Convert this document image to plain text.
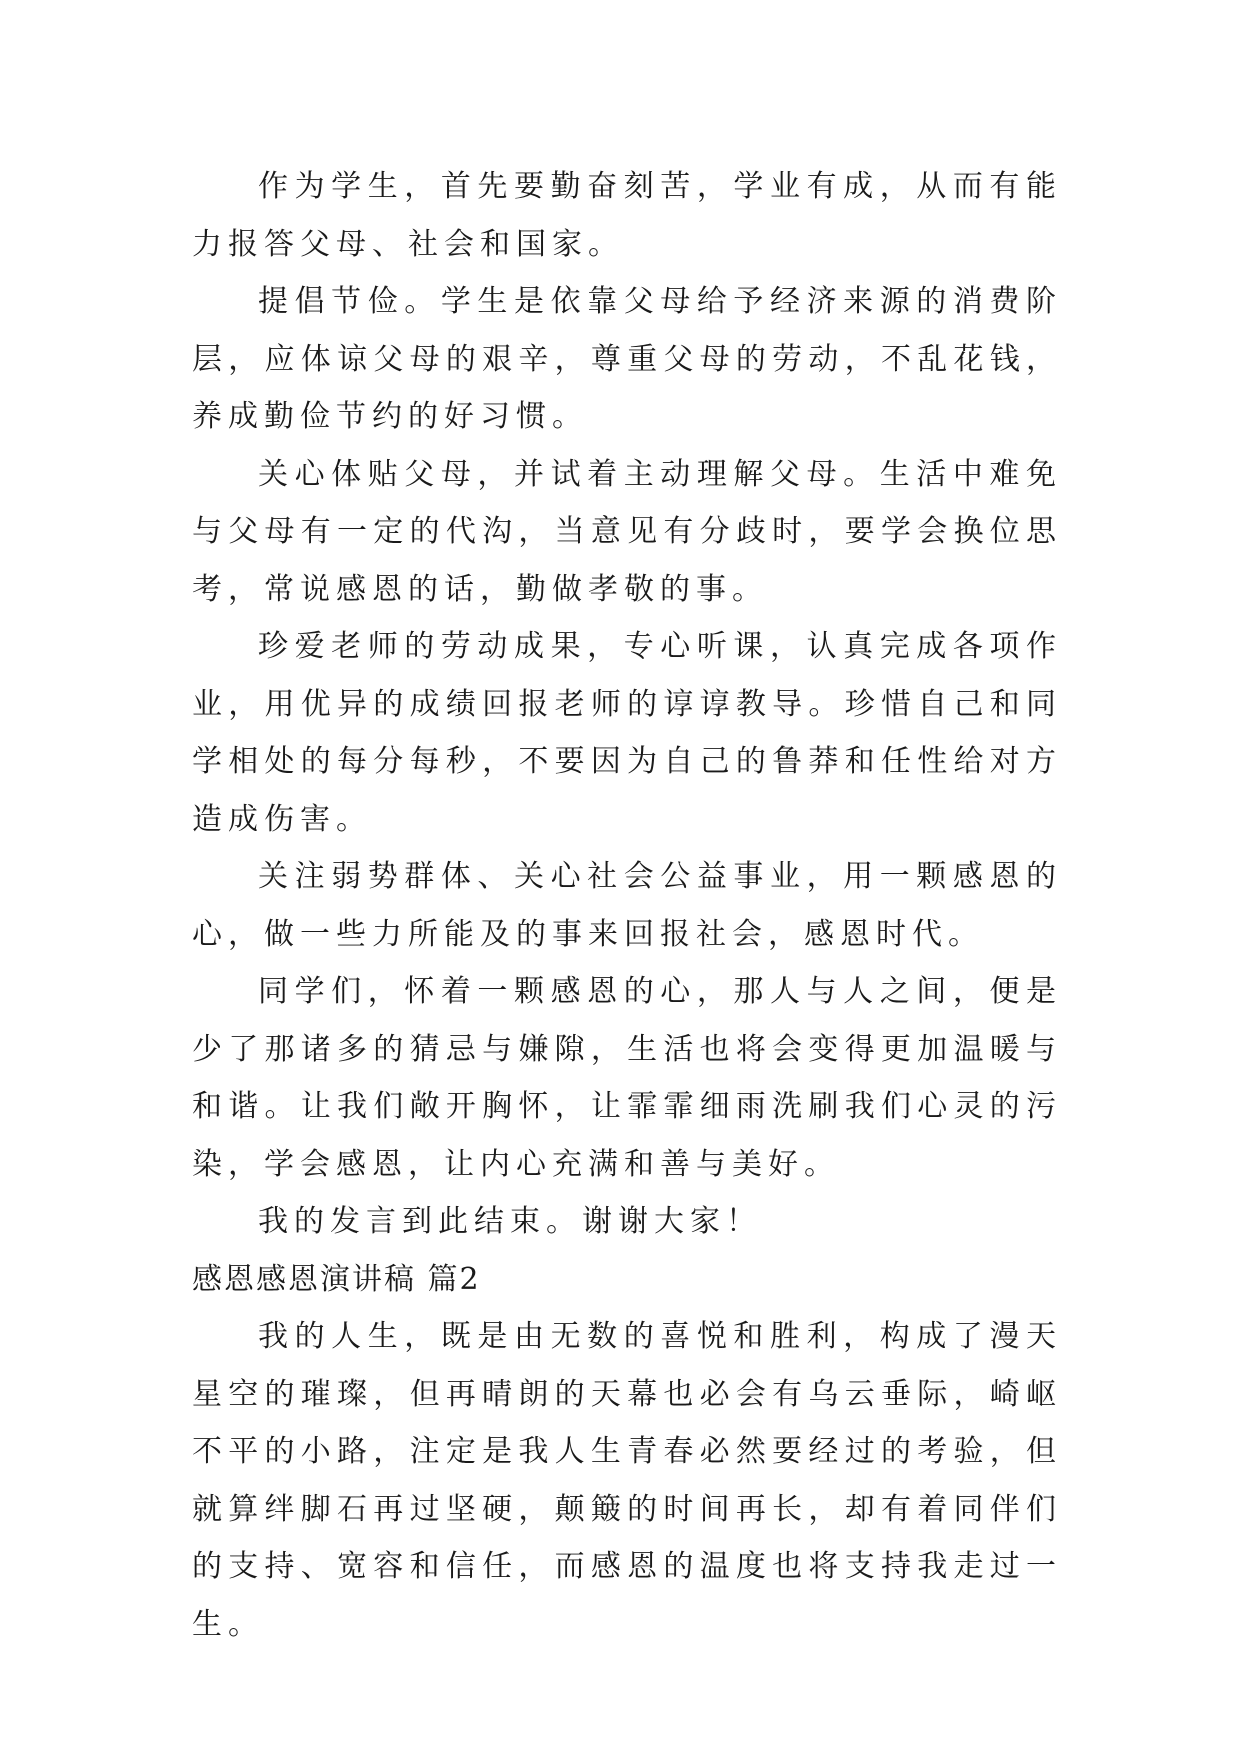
作为学生，首先要勤奋刻苦，学业有成，从而有能力报答父母、社会和国家。

提倡节俭。学生是依靠父母给予经济来源的消费阶层，应体谅父母的艰辛，尊重父母的劳动，不乱花钱，养成勤俭节约的好习惯。

关心体贴父母，并试着主动理解父母。生活中难免与父母有一定的代沟，当意见有分歧时，要学会换位思考，常说感恩的话，勤做孝敬的事。

珍爱老师的劳动成果，专心听课，认真完成各项作业，用优异的成绩回报老师的谆谆教导。珍惜自己和同学相处的每分每秒，不要因为自己的鲁莽和任性给对方造成伤害。

关注弱势群体、关心社会公益事业，用一颗感恩的心，做一些力所能及的事来回报社会，感恩时代。

同学们，怀着一颗感恩的心，那人与人之间，便是少了那诸多的猜忌与嫌隙，生活也将会变得更加温暖与和谐。让我们敞开胸怀，让霏霏细雨洗刷我们心灵的污染，学会感恩，让内心充满和善与美好。

我的发言到此结束。谢谢大家！

感恩感恩演讲稿 篇2

我的人生，既是由无数的喜悦和胜利，构成了漫天星空的璀璨，但再晴朗的天幕也必会有乌云垂际，崎岖不平的小路，注定是我人生青春必然要经过的考验，但就算绊脚石再过坚硬，颠簸的时间再长，却有着同伴们的支持、宽容和信任，而感恩的温度也将支持我走过一生。
